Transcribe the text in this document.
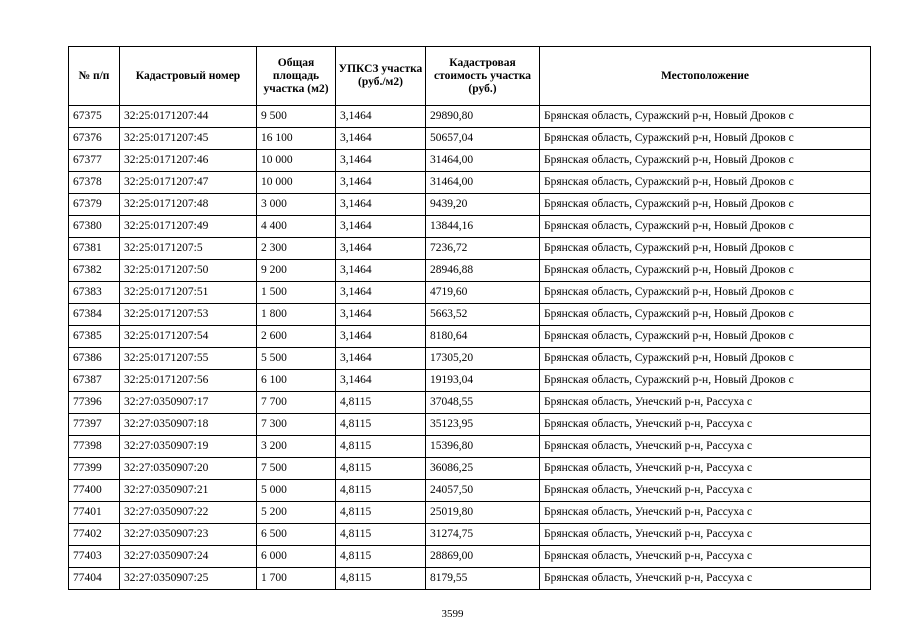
№ п/п	Кадастровый номер	Общая площадь участка (м2)	УПКСЗ участка (руб./м2)	Кадастровая стоимость участка (руб.)	Местоположение
67375	32:25:0171207:44	9 500	3,1464	29890,80	Брянская область, Суражский р-н, Новый Дроков с
67376	32:25:0171207:45	16 100	3,1464	50657,04	Брянская область, Суражский р-н, Новый Дроков с
67377	32:25:0171207:46	10 000	3,1464	31464,00	Брянская область, Суражский р-н, Новый Дроков с
67378	32:25:0171207:47	10 000	3,1464	31464,00	Брянская область, Суражский р-н, Новый Дроков с
67379	32:25:0171207:48	3 000	3,1464	9439,20	Брянская область, Суражский р-н, Новый Дроков с
67380	32:25:0171207:49	4 400	3,1464	13844,16	Брянская область, Суражский р-н, Новый Дроков с
67381	32:25:0171207:5	2 300	3,1464	7236,72	Брянская область, Суражский р-н, Новый Дроков с
67382	32:25:0171207:50	9 200	3,1464	28946,88	Брянская область, Суражский р-н, Новый Дроков с
67383	32:25:0171207:51	1 500	3,1464	4719,60	Брянская область, Суражский р-н, Новый Дроков с
67384	32:25:0171207:53	1 800	3,1464	5663,52	Брянская область, Суражский р-н, Новый Дроков с
67385	32:25:0171207:54	2 600	3,1464	8180,64	Брянская область, Суражский р-н, Новый Дроков с
67386	32:25:0171207:55	5 500	3,1464	17305,20	Брянская область, Суражский р-н, Новый Дроков с
67387	32:25:0171207:56	6 100	3,1464	19193,04	Брянская область, Суражский р-н, Новый Дроков с
77396	32:27:0350907:17	7 700	4,8115	37048,55	Брянская область, Унечский р-н, Рассуха с
77397	32:27:0350907:18	7 300	4,8115	35123,95	Брянская область, Унечский р-н, Рассуха с
77398	32:27:0350907:19	3 200	4,8115	15396,80	Брянская область, Унечский р-н, Рассуха с
77399	32:27:0350907:20	7 500	4,8115	36086,25	Брянская область, Унечский р-н, Рассуха с
77400	32:27:0350907:21	5 000	4,8115	24057,50	Брянская область, Унечский р-н, Рассуха с
77401	32:27:0350907:22	5 200	4,8115	25019,80	Брянская область, Унечский р-н, Рассуха с
77402	32:27:0350907:23	6 500	4,8115	31274,75	Брянская область, Унечский р-н, Рассуха с
77403	32:27:0350907:24	6 000	4,8115	28869,00	Брянская область, Унечский р-н, Рассуха с
77404	32:27:0350907:25	1 700	4,8115	8179,55	Брянская область, Унечский р-н, Рассуха с
3599
